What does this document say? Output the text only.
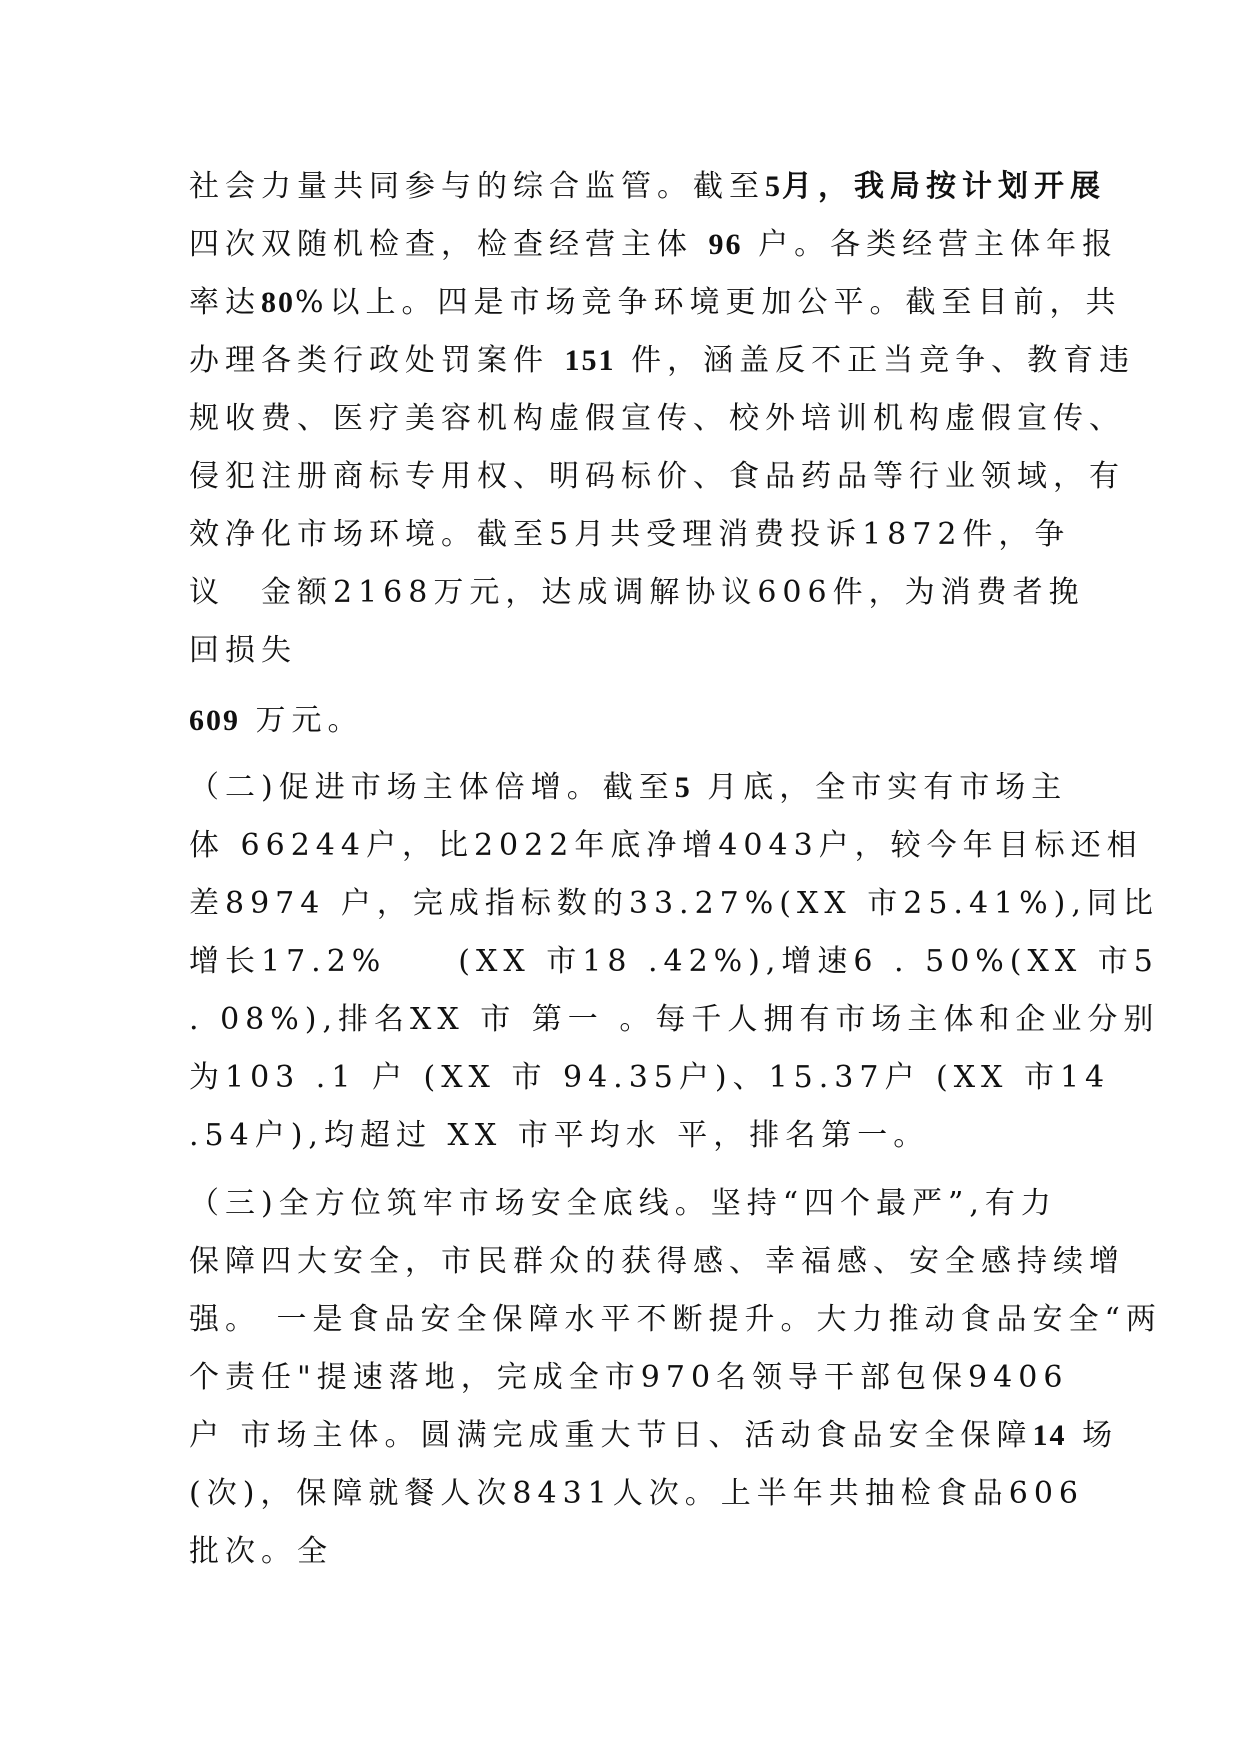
社会力量共同参与的综合监管。截至5月，我局按计划开展
四次双随机检查，检查经营主体 96 户。各类经营主体年报
率达80%以上。四是市场竞争环境更加公平。截至目前，共
办理各类行政处罚案件 151 件，涵盖反不正当竞争、教育违
规收费、医疗美容机构虚假宣传、校外培训机构虚假宣传、
侵犯注册商标专用权、明码标价、食品药品等行业领域，有
效净化市场环境。截至5月共受理消费投诉1872件，争
议　金额2168万元，达成调解协议606件，为消费者挽
回损失
609 万元。
（二)促进市场主体倍增。截至5 月底，全市实有市场主
体 66244户，比2022年底净增4043户，较今年目标还相
差8974 户，完成指标数的33.27%(XX 市25.41%),同比
增长17.2%　　(XX 市18 .42%),增速6 . 50%(XX 市5
. 08%),排名XX 市 第一 。每千人拥有市场主体和企业分别
为103 .1 户 (XX 市 94.35户)、15.37户 (XX 市14
.54户),均超过 XX 市平均水 平，排名第一。
（三)全方位筑牢市场安全底线。坚持“四个最严”,有力
保障四大安全，市民群众的获得感、幸福感、安全感持续增
强。 一是食品安全保障水平不断提升。大力推动食品安全“两
个责任"提速落地，完成全市970名领导干部包保9406
户 市场主体。圆满完成重大节日、活动食品安全保障14 场
(次)，保障就餐人次8431人次。上半年共抽检食品606
批次。全
